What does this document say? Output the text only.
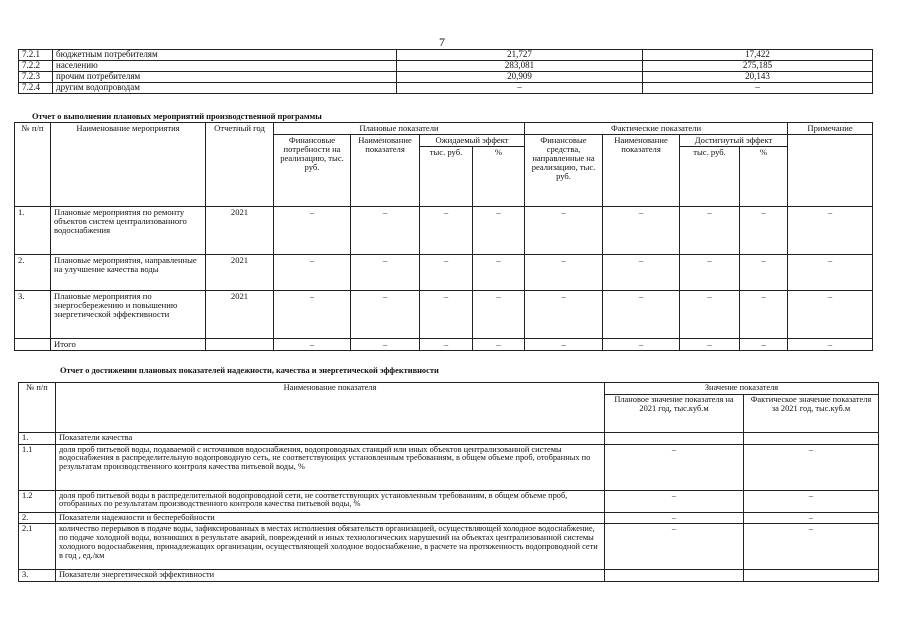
7
7.2.1	бюджетным потребителям	21,727	17,422
7.2.2	населению	283,081	275,185
7.2.3	прочим потребителям	20,909	20,143
7.2.4	другим водопроводам	–	–
Отчет о выполнении плановых мероприятий производственной программы
№ п/п	Наименование мероприятия	Отчетный год	Плановые показатели				Фактические показатели				Примечание
			Финансовые потребности на реализацию, тыс. руб.	Наименование показателя	Ожидаемый эффект		Финансовые средства, направленные на реализацию, тыс. руб.	Наименование показателя	Достигнутый эффект		
					тыс. руб.	%			тыс. руб.	%	
1.	Плановые мероприятия по ремонту объектов систем централизованного водоснабжения	2021	–	–	–	–	–	–	–	–	–
2.	Плановые мероприятия, направленные на улучшение качества воды	2021	–	–	–	–	–	–	–	–	–
3.	Плановые мероприятия по энергосбережению и повышению энергетической эффективности	2021	–	–	–	–	–	–	–	–	–
	Итого		–	–	–	–	–	–	–	–	–
Отчет о достижении плановых показателей надежности, качества и энергетической эффективности
№ п/п	Наименование показателя	Значение показателя	
		Плановое значение показателя на 2021 год, тыс.куб.м	Фактическое значение показателя за 2021 год, тыс.куб.м
1.	Показатели качества		
1.1	доля проб питьевой воды, подаваемой с источников водоснабжения, водопроводных станций или иных объектов централизованной системы водоснабжения в распределительную водопроводную сеть, не соответствующих установленным требованиям, в общем объеме проб, отобранных по результатам производственного контроля качества питьевой воды, %	–	–
1.2	доля проб питьевой воды в распределительной водопроводной сети, не соответствующих установленным требованиям, в общем объеме проб, отобранных по результатам производственного контроля качества питьевой воды, %	–	–
2.	Показатели надежности и бесперебойности	–	–
2.1	количество перерывов в подаче воды, зафиксированных в местах исполнения обязательств организацией, осуществляющей холодное водоснабжение, по подаче холодной воды, возникших в результате аварий, повреждений и иных технологических нарушений на объектах централизованной системы холодного водоснабжения, принадлежащих организации, осуществляющей холодное водоснабжение, в расчете на протяженность водопроводной сети в год , ед./км	–	–
3.	Показатели энергетической эффективности		
